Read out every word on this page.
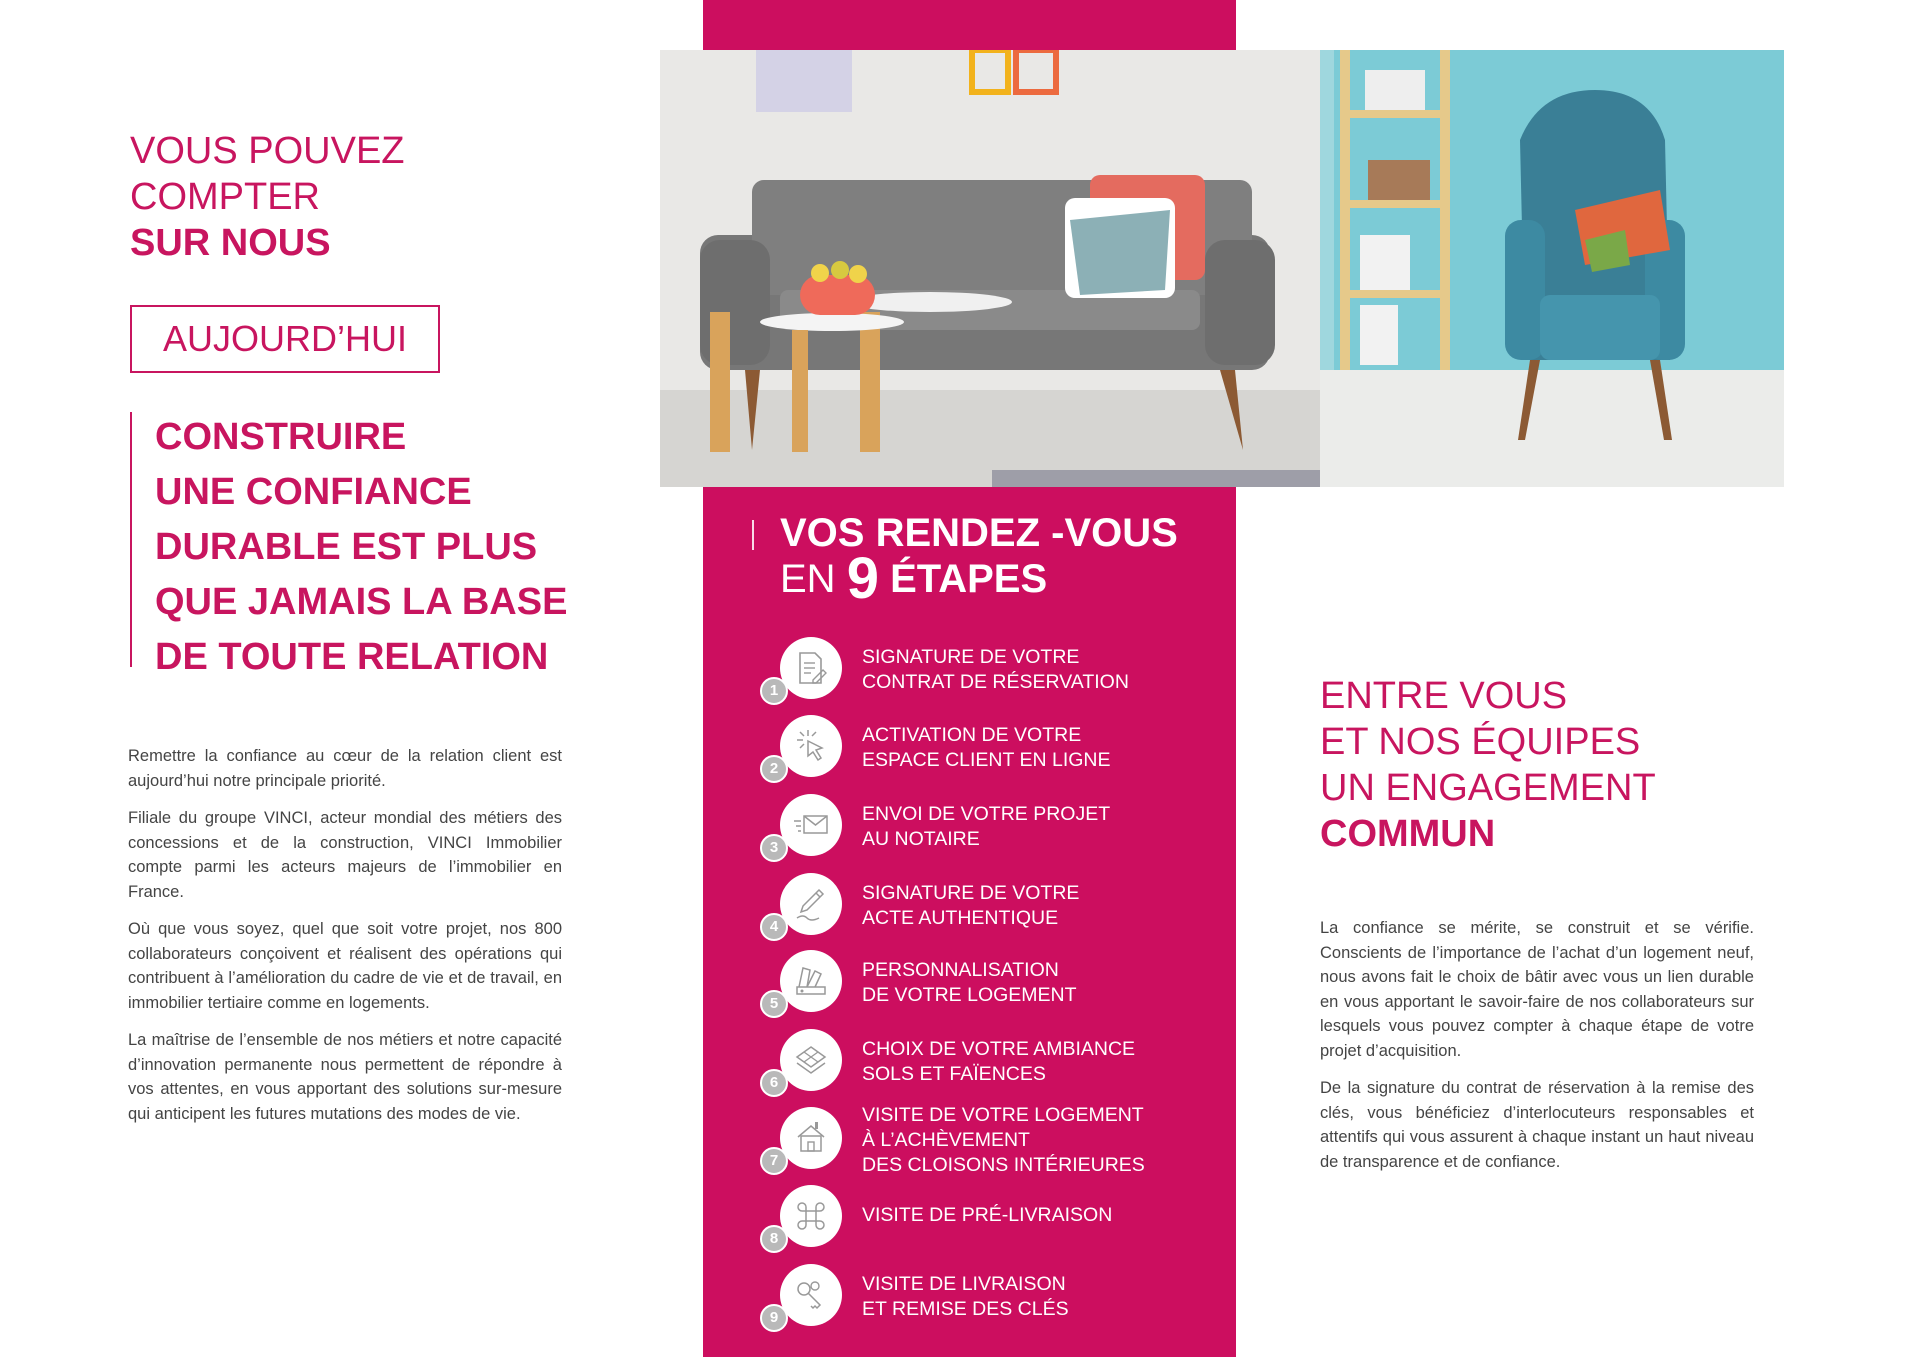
VOUS POUVEZ
COMPTER
SUR NOUS
AUJOURD’HUI
CONSTRUIRE
UNE CONFIANCE
DURABLE EST PLUS
QUE JAMAIS LA BASE
DE TOUTE RELATION

Remettre la confiance au cœur de la relation client est aujourd’hui notre principale priorité.

Filiale du groupe VINCI, acteur mondial des métiers des concessions et de la construction, VINCI Immobilier compte parmi les acteurs majeurs de l’immobilier en France.

Où que vous soyez, quel que soit votre projet, nos 800 collaborateurs conçoivent et réalisent des opérations qui contribuent à l’amélioration du cadre de vie et de travail, en immobilier tertiaire comme en logements.

La maîtrise de l’ensemble de nos métiers et notre capacité d’innovation permanente nous permettent de répondre à vos attentes, en vous apportant des solutions sur-mesure qui anticipent les futures mutations des modes de vie.

VOS RENDEZ -VOUS
EN 9 ÉTAPES
1
SIGNATURE DE VOTRE
CONTRAT DE RÉSERVATION
2
ACTIVATION DE VOTRE
ESPACE CLIENT EN LIGNE
3
ENVOI DE VOTRE PROJET
AU NOTAIRE
4
SIGNATURE DE VOTRE
ACTE AUTHENTIQUE
5
PERSONNALISATION
DE VOTRE LOGEMENT
6
CHOIX DE VOTRE AMBIANCE
SOLS ET FAÏENCES
7
VISITE DE VOTRE LOGEMENT
À L’ACHÈVEMENT
DES CLOISONS INTÉRIEURES
8
VISITE DE PRÉ-LIVRAISON
9
VISITE DE LIVRAISON
ET REMISE DES CLÉS
ENTRE VOUS
ET NOS ÉQUIPES
UN ENGAGEMENT
COMMUN

La confiance se mérite, se construit et se vérifie. Conscients de l’importance de l’achat d’un logement neuf, nous avons fait le choix de bâtir avec vous un lien durable en vous apportant le savoir-faire de nos collaborateurs sur lesquels vous pouvez compter à chaque étape de votre projet d’acquisition.

De la signature du contrat de réservation à la remise des clés, vous bénéficiez d’interlocuteurs responsables et attentifs qui vous assurent à chaque instant un haut niveau de transparence et de confiance.
